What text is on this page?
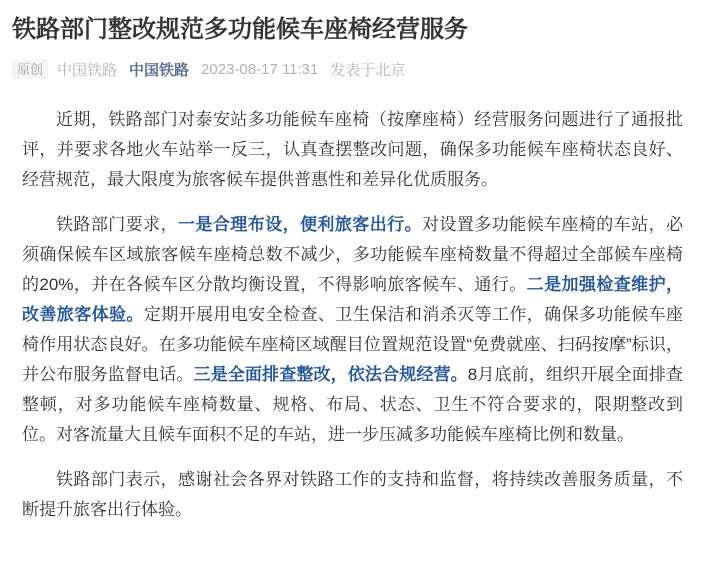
铁路部门整改规范多功能候车座椅经营服务
原创 中国铁路 中国铁路 2023-08-17 11:31 发表于北京

近期，铁路部门对泰安站多功能候车座椅（按摩座椅）经营服务问题进行了通报批评，并要求各地火车站举一反三，认真查摆整改问题，确保多功能候车座椅状态良好、经营规范，最大限度为旅客候车提供普惠性和差异化优质服务。

铁路部门要求，一是合理布设，便利旅客出行。对设置多功能候车座椅的车站，必须确保候车区域旅客候车座椅总数不减少，多功能候车座椅数量不得超过全部候车座椅的20%，并在各候车区分散均衡设置，不得影响旅客候车、通行。二是加强检查维护，改善旅客体验。定期开展用电安全检查、卫生保洁和消杀灭等工作，确保多功能候车座椅作用状态良好。在多功能候车座椅区域醒目位置规范设置“免费就座、扫码按摩”标识，并公布服务监督电话。三是全面排查整改，依法合规经营。8月底前，组织开展全面排查整顿，对多功能候车座椅数量、规格、布局、状态、卫生不符合要求的，限期整改到位。对客流量大且候车面积不足的车站，进一步压减多功能候车座椅比例和数量。

铁路部门表示，感谢社会各界对铁路工作的支持和监督，将持续改善服务质量，不断提升旅客出行体验。
